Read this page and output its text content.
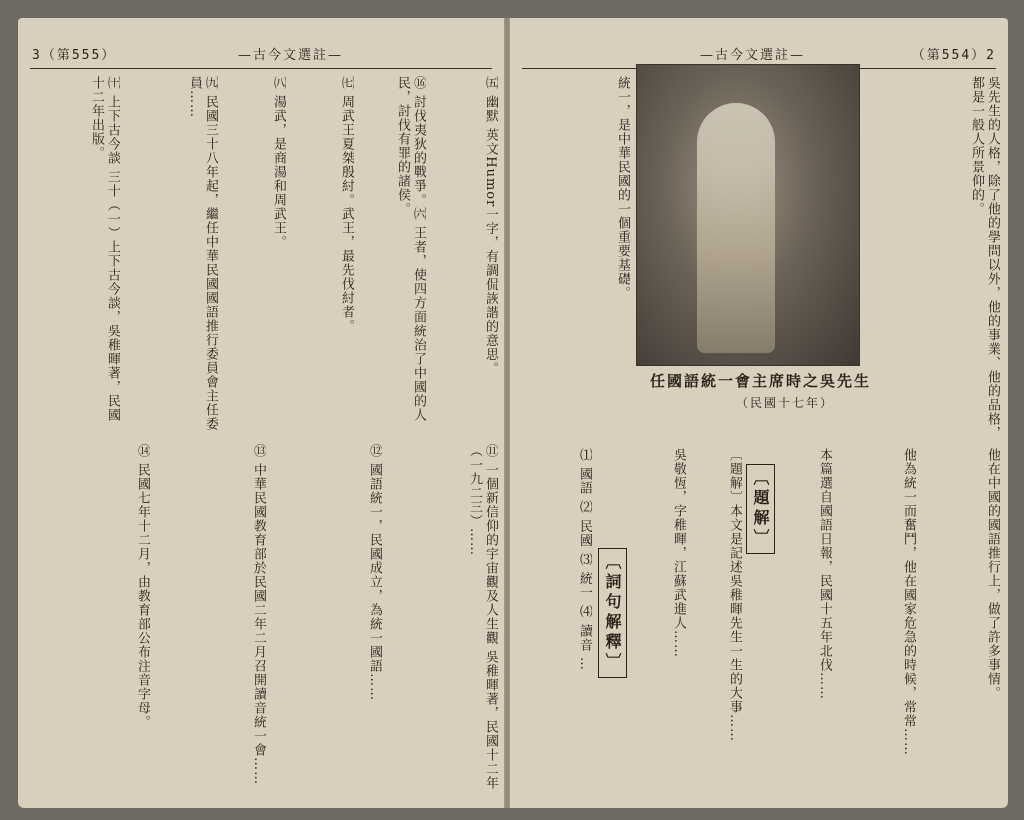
3（第555）	—古今文選註—
㈤ 幽默 英文Humor一字，有調侃詼諧的意思。
⑯ 討伐夷狄的戰爭。㈥ 王者，使四方面統治了中國的人民，討伐有罪的諸侯。
㈦ 周武王夏桀殷紂。武王，最先伐紂者。
㈧ 湯武，是商湯和周武王。
㈨ 民國三十八年起，繼任中華民國國語推行委員會主任委員……
㈩ 上下古今談 三十（一）上下古今談，吳稚暉著，民國十二年出版。
⑪ 一個新信仰的宇宙觀及人生觀 吳稚暉著，民國十二年（一九二三）……
⑫ 國語統一，民國成立，為統一國語……
⑬ 中華民國教育部於民國二年二月召開讀音統一會……
⑭ 民國七年十二月，由教育部公布注音字母。
—古今文選註—	（第554）2
統一，是中華民國的一個重要基礎。
任國語統一會主席時之吳先生
（民國十七年）	吳先生的人格，除了他的學問以外，他的事業、他的品格，都是一般人所景仰的。
他在中國的國語推行上，做了許多事情。
他為統一而奮鬥，他在國家危急的時候，常常……
本篇選自國語日報，民國十五年北伐……
〔題解〕
〔題解〕本文是記述吳稚暉先生一生的大事……
吳敬恆，字稚暉，江蘇武進人……
〔詞句解釋〕
⑴ 國語 ⑵ 民國 ⑶ 統一 ⑷ 讀音 …
